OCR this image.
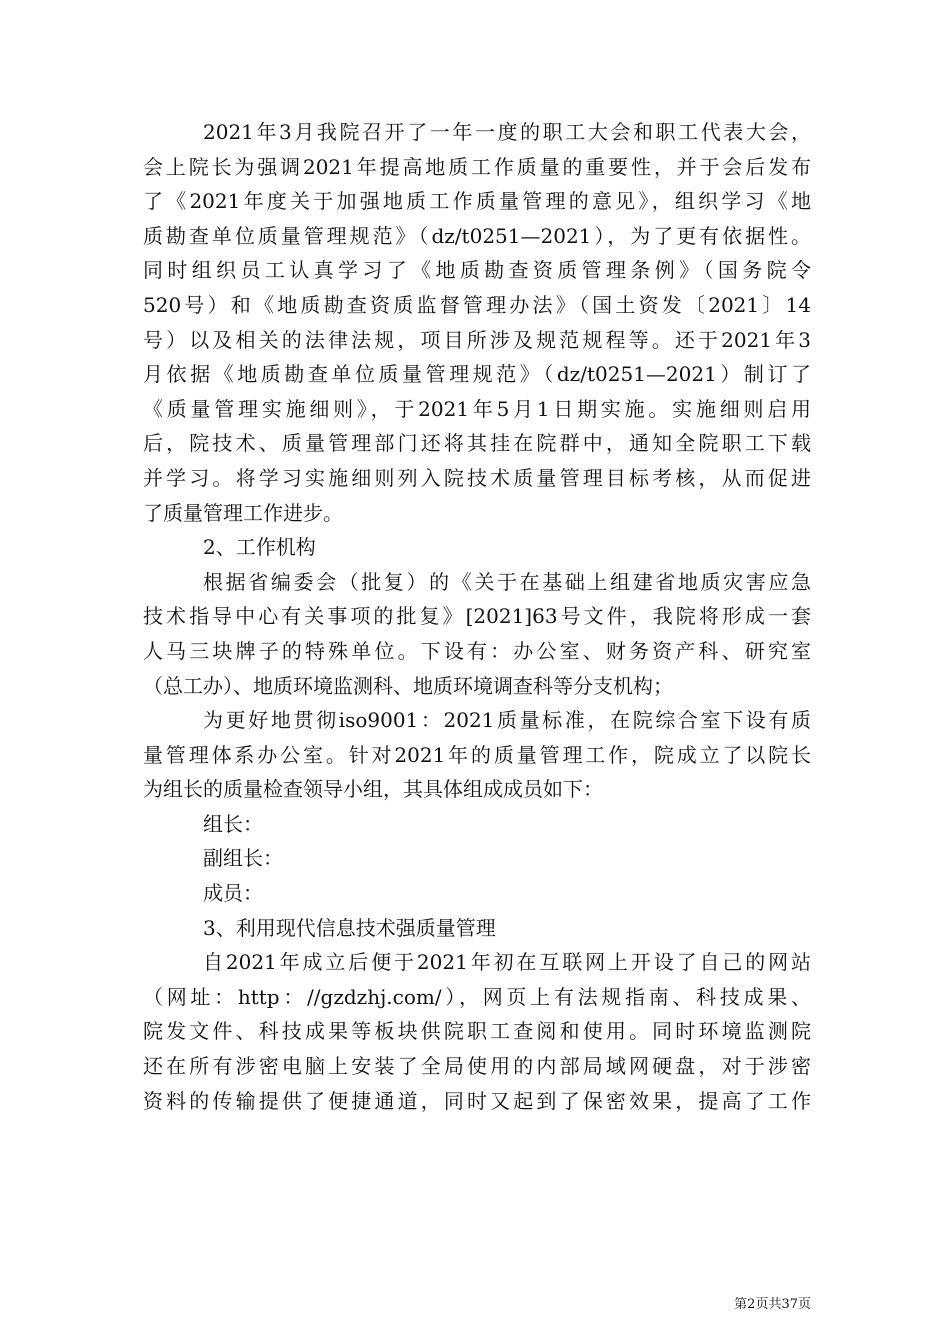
2021年3月我院召开了一年一度的职工大会和职工代表大会，
会上院长为强调2021年提高地质工作质量的重要性，并于会后发布
了《2021年度关于加强地质工作质量管理的意见》，组织学习《地
质勘查单位质量管理规范》（dz/t0251—2021），为了更有依据性。
同时组织员工认真学习了《地质勘查资质管理条例》（国务院令
520号）和《地质勘查资质监督管理办法》（国土资发〔2021〕14
号）以及相关的法律法规，项目所涉及规范规程等。还于2021年3
月依据《地质勘查单位质量管理规范》（dz/t0251—2021）制订了
《质量管理实施细则》，于2021年5月1日期实施。实施细则启用
后，院技术、质量管理部门还将其挂在院群中，通知全院职工下载
并学习。将学习实施细则列入院技术质量管理目标考核，从而促进
了质量管理工作进步。
2、工作机构
根据省编委会（批复）的《关于在基础上组建省地质灾害应急
技术指导中心有关事项的批复》[2021]63号文件，我院将形成一套
人马三块牌子的特殊单位。下设有：办公室、财务资产科、研究室
（总工办）、地质环境监测科、地质环境调查科等分支机构；
为更好地贯彻iso9001：2021质量标准，在院综合室下设有质
量管理体系办公室。针对2021年的质量管理工作，院成立了以院长
为组长的质量检查领导小组，其具体组成成员如下：
组长：
副组长：
成员：
3、利用现代信息技术强质量管理
自2021年成立后便于2021年初在互联网上开设了自己的网站
（网址：http：//gzdzhj.com/），网页上有法规指南、科技成果、
院发文件、科技成果等板块供院职工查阅和使用。同时环境监测院
还在所有涉密电脑上安装了全局使用的内部局域网硬盘，对于涉密
资料的传输提供了便捷通道，同时又起到了保密效果，提高了工作
第2页共37页
